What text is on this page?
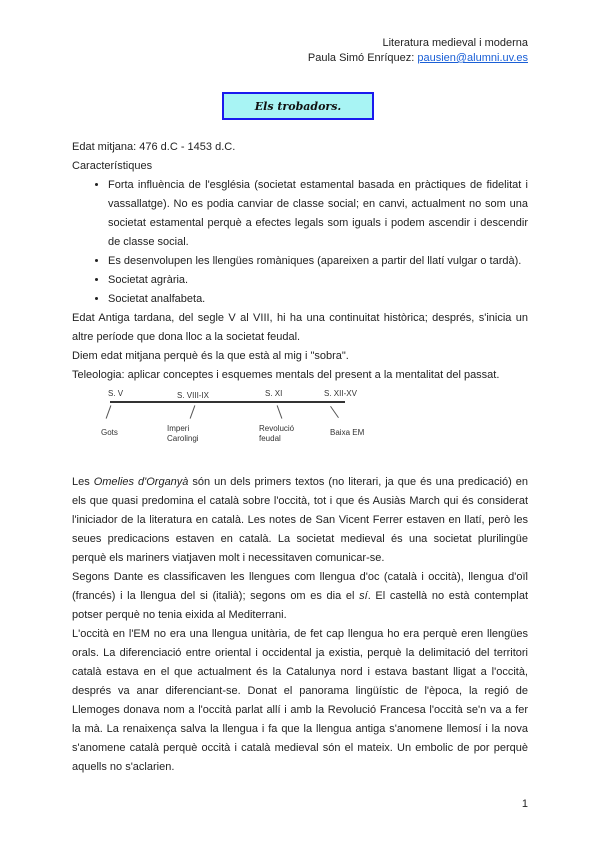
Literatura medieval i moderna
Paula Simó Enríquez: pausien@alumni.uv.es
Els trobadors.

Edat mitjana: 476 d.C - 1453 d.C.

Característiques

• Forta influència de l'església (societat estamental basada en pràctiques de fidelitat i vassallatge). No es podia canviar de classe social; en canvi, actualment no som una societat estamental perquè a efectes legals som iguals i podem ascendir i descendir de classe social.
• Es desenvolupen les llengües romàniques (apareixen a partir del llatí vulgar o tardà).
• Societat agrària.
• Societat analfabeta.

Edat Antiga tardana, del segle V al VIII, hi ha una continuitat històrica; després, s'inicia un altre període que dona lloc a la societat feudal.

Diem edat mitjana perquè és la que està al mig i "sobra".

Teleologia: aplicar conceptes i esquemes mentals del present a la mentalitat del passat.

S. V	S. VIII-IX	S. XI	S. XII-XV
Gots	Imperi Carolingi
Revolució feudal
Baixa EM

Les Omelies d'Organyà són un dels primers textos (no literari, ja que és una predicació) en els que quasi predomina el català sobre l'occità, tot i que és Ausiàs March qui és considerat l'iniciador de la literatura en català. Les notes de San Vicent Ferrer estaven en llatí, però les seues predicacions estaven en català. La societat medieval és una societat plurilingüe perquè els mariners viatjaven molt i necessitaven comunicar-se.

Segons Dante es classificaven les llengues com llengua d'oc (català i occità), llengua d'oïl (francés) i la llengua del si (italià); segons om es dia el sí. El castellà no està contemplat potser perquè no tenia eixida al Mediterrani.

L'occità en l'EM no era una llengua unitària, de fet cap llengua ho era perquè eren llengües orals. La diferenciació entre oriental i occidental ja existia, perquè la delimitació del territori català estava en el que actualment és la Catalunya nord i estava bastant lligat a l'occità, després va anar diferenciant-se. Donat el panorama lingüístic de l'època, la regió de Llemoges donava nom a l'occità parlat allí i amb la Revolució Francesa l'occità se'n va a fer la mà. La renaixença salva la llengua i fa que la llengua antiga s'anomene llemosí i la nova s'anomene català perquè occità i català medieval són el mateix. Un embolic de por perquè aquells no s'aclarien.

1
